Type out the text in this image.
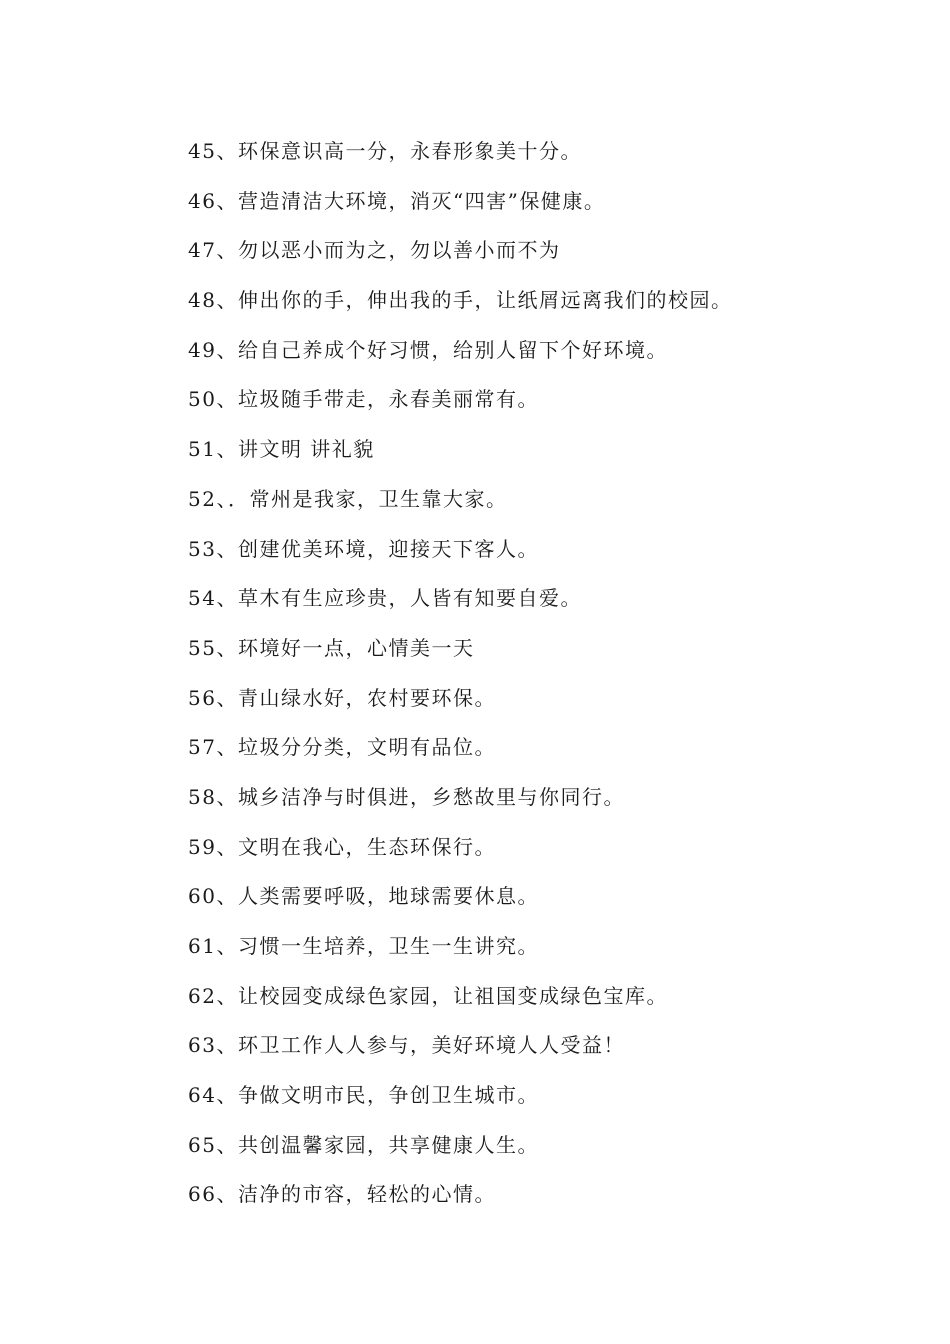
45、环保意识高一分，永春形象美十分。
46、营造清洁大环境，消灭“四害”保健康。
47、勿以恶小而为之，勿以善小而不为
48、伸出你的手，伸出我的手，让纸屑远离我们的校园。
49、给自己养成个好习惯，给别人留下个好环境。
50、垃圾随手带走，永春美丽常有。
51、讲文明 讲礼貌
52、．常州是我家，卫生靠大家。
53、创建优美环境，迎接天下客人。
54、草木有生应珍贵，人皆有知要自爱。
55、环境好一点，心情美一天
56、青山绿水好，农村要环保。
57、垃圾分分类，文明有品位。
58、城乡洁净与时俱进，乡愁故里与你同行。
59、文明在我心，生态环保行。
60、人类需要呼吸，地球需要休息。
61、习惯一生培养，卫生一生讲究。
62、让校园变成绿色家园，让祖国变成绿色宝库。
63、环卫工作人人参与，美好环境人人受益！
64、争做文明市民，争创卫生城市。
65、共创温馨家园，共享健康人生。
66、洁净的市容，轻松的心情。
